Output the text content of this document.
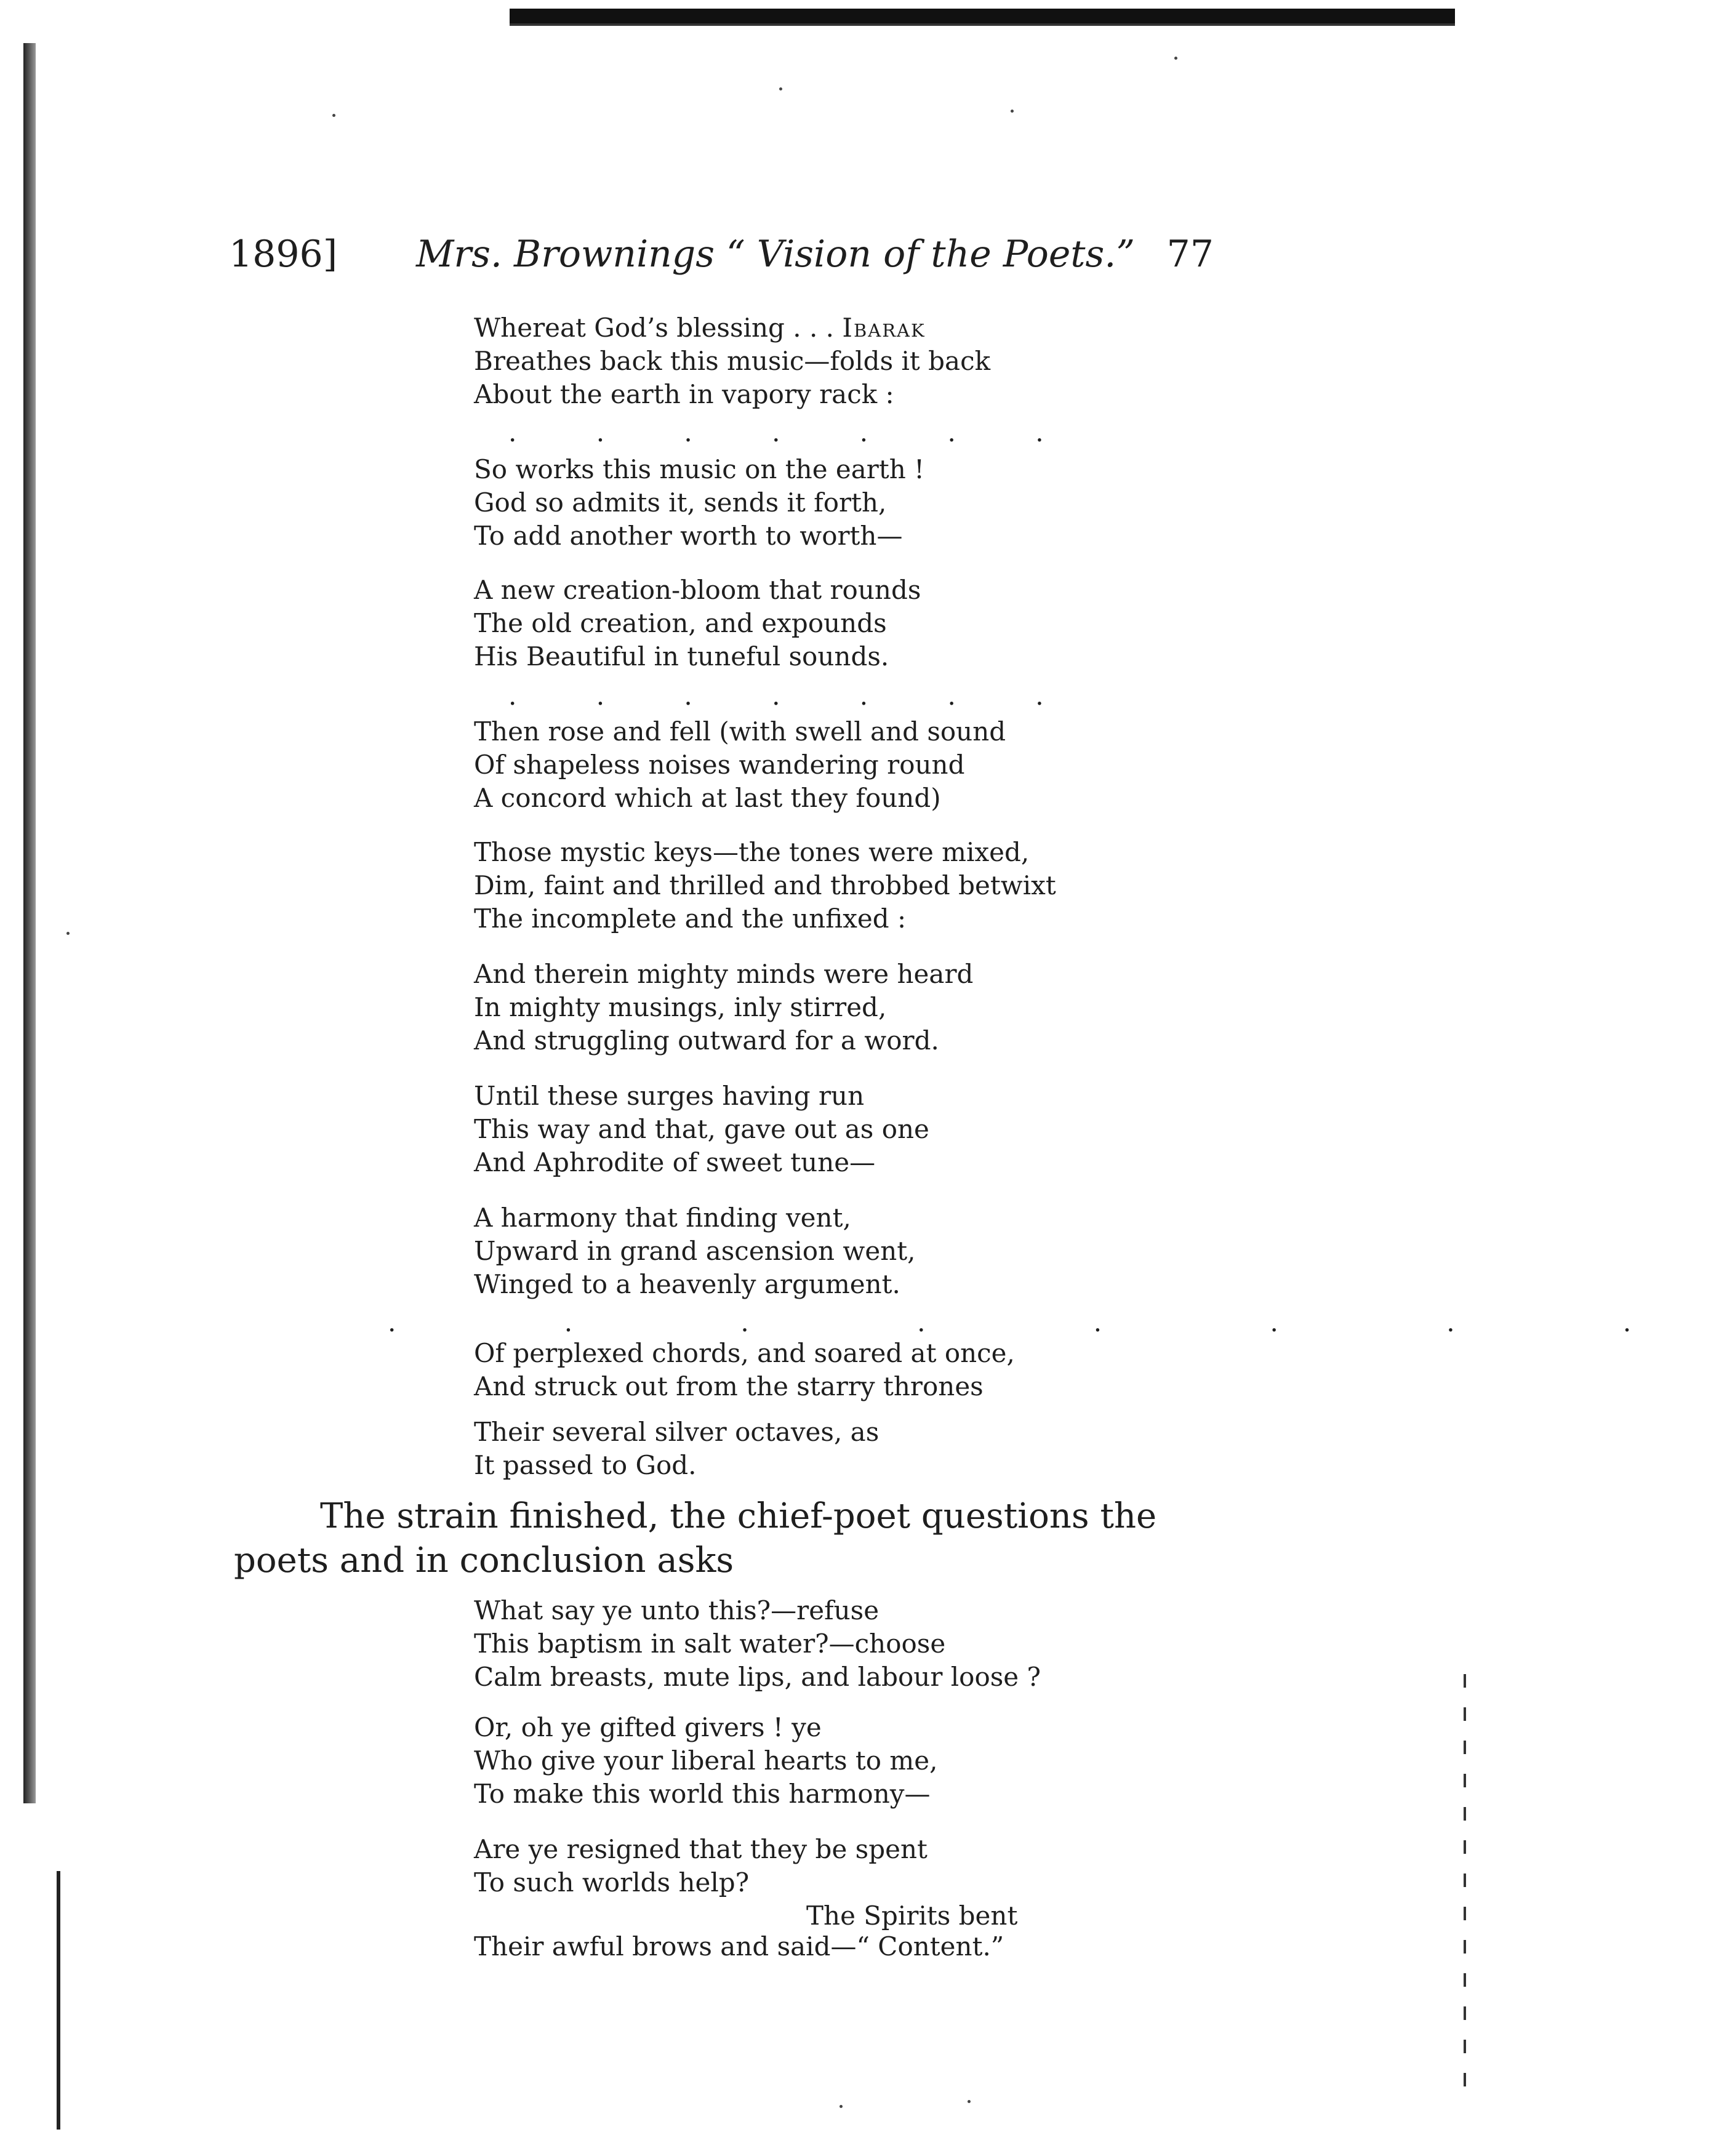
1896] Mrs. Brownings “ Vision of the Poets.” 77

Whereat God’s blessing . . . Ibarak
Breathes back this music—folds it back
About the earth in vapory rack :

. . . . . . .

So works this music on the earth !
God so admits it, sends it forth,
To add another worth to worth—

A new creation-bloom that rounds
The old creation, and expounds
His Beautiful in tuneful sounds.

. . . . . . .

Then rose and fell (with swell and sound
Of shapeless noises wandering round
A concord which at last they found)

Those mystic keys—the tones were mixed,
Dim, faint and thrilled and throbbed betwixt
The incomplete and the unfixed :

And therein mighty minds were heard
In mighty musings, inly stirred,
And struggling outward for a word.

Until these surges having run
This way and that, gave out as one
And Aphrodite of sweet tune—

A harmony that finding vent,
Upward in grand ascension went,
Winged to a heavenly argument.

. . . . . . . .

Of perplexed chords, and soared at once,
And struck out from the starry thrones

Their several silver octaves, as
It passed to God.

The strain finished, the chief-poet questions the poets and in conclusion asks

What say ye unto this?—refuse
This baptism in salt water?—choose
Calm breasts, mute lips, and labour loose ?

Or, oh ye gifted givers ! ye
Who give your liberal hearts to me,
To make this world this harmony—

Are ye resigned that they be spent
To such worlds help?

The Spirits bent

Their awful brows and said—“ Content.”
